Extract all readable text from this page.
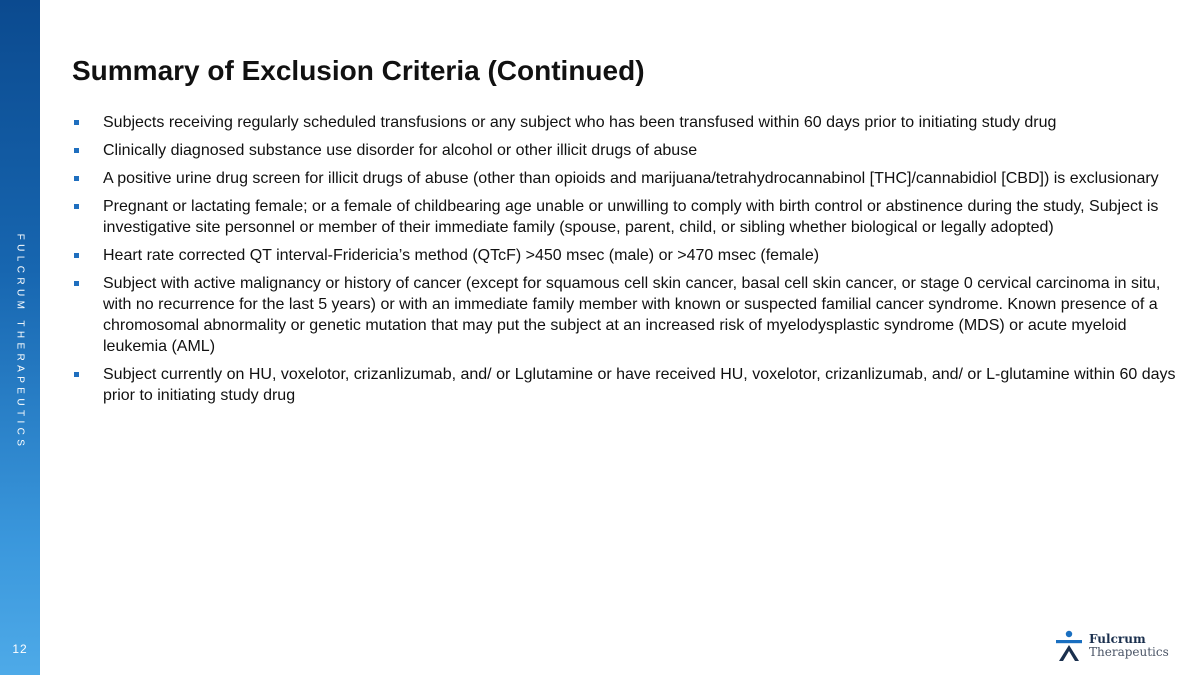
FULCRUM THERAPEUTICS
12
Summary of Exclusion Criteria (Continued)
Subjects receiving regularly scheduled transfusions or any subject who has been transfused within 60 days prior to initiating study drug
Clinically diagnosed substance use disorder for alcohol or other illicit drugs of abuse
A positive urine drug screen for illicit drugs of abuse (other than opioids and marijuana/tetrahydrocannabinol [THC]/cannabidiol [CBD]) is exclusionary
Pregnant or lactating female; or a female of childbearing age unable or unwilling to comply with birth control or abstinence during the study, Subject is investigative site personnel or member of their immediate family (spouse, parent, child, or sibling whether biological or legally adopted)
Heart rate corrected QT interval-Fridericia’s method (QTcF) >450 msec (male) or >470 msec (female)
Subject with active malignancy or history of cancer (except for squamous cell skin cancer, basal cell skin cancer, or stage 0 cervical carcinoma in situ, with no recurrence for the last 5 years) or with an immediate family member with known or suspected familial cancer syndrome. Known presence of a chromosomal abnormality or genetic mutation that may put the subject at an increased risk of myelodysplastic syndrome (MDS) or acute myeloid leukemia (AML)
Subject currently on HU, voxelotor, crizanlizumab, and/ or Lglutamine or have received HU, voxelotor, crizanlizumab, and/ or L-glutamine within 60 days prior to initiating study drug
Fulcrum
Therapeutics
